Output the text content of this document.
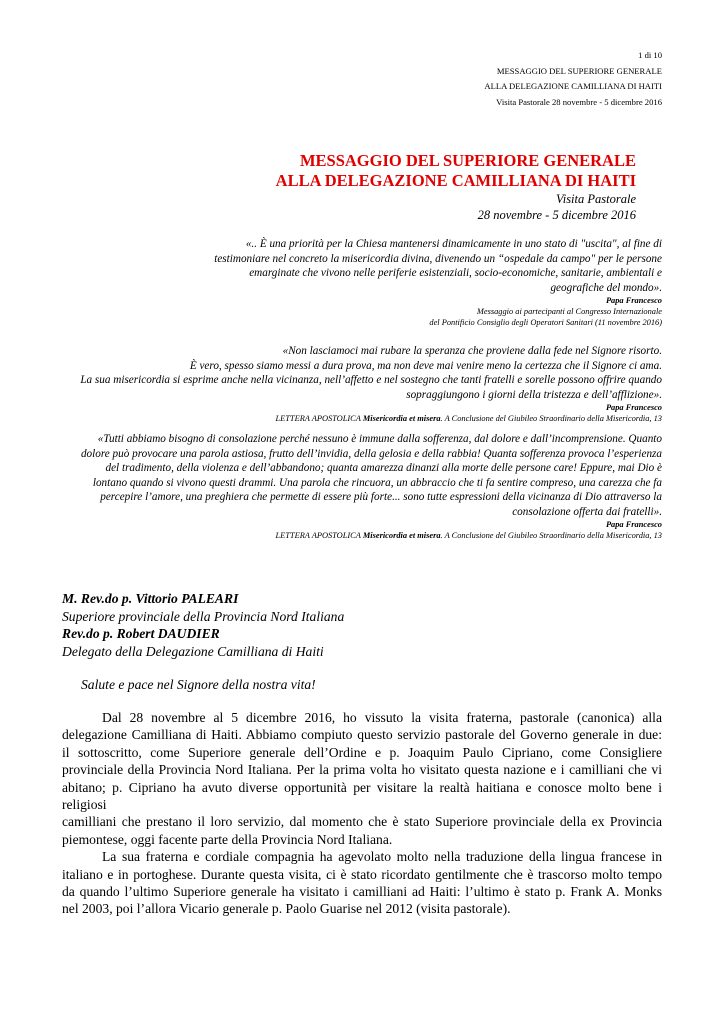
1 di 10
MESSAGGIO DEL SUPERIORE GENERALE
ALLA DELEGAZIONE CAMILLIANA DI HAITI
Visita Pastorale 28 novembre - 5 dicembre 2016
MESSAGGIO DEL SUPERIORE GENERALE
ALLA DELEGAZIONE CAMILLIANA DI HAITI
Visita Pastorale
28 novembre - 5 dicembre 2016
«.. È una priorità per la Chiesa mantenersi dinamicamente in uno stato di "uscita", al fine di
testimoniare nel concreto la misericordia divina, divenendo un “ospedale da campo" per le persone
emarginate che vivono nelle periferie esistenziali, socio-economiche, sanitarie, ambientali e
geografiche del mondo».
Papa Francesco
Messaggio ai partecipanti al Congresso Internazionale
del Pontificio Consiglio degli Operatori Sanitari (11 novembre 2016)
«Non lasciamoci mai rubare la speranza che proviene dalla fede nel Signore risorto.
È vero, spesso siamo messi a dura prova, ma non deve mai venire meno la certezza che il Signore ci ama.
La sua misericordia si esprime anche nella vicinanza, nell’affetto e nel sostegno che tanti fratelli e sorelle possono offrire quando
sopraggiungono i giorni della tristezza e dell’afflizione».
Papa Francesco
LETTERA APOSTOLICA Misericordia et misera. A Conclusione del Giubileo Straordinario della Misericordia, 13
«Tutti abbiamo bisogno di consolazione perché nessuno è immune dalla sofferenza, dal dolore e dall’incomprensione. Quanto
dolore può provocare una parola astiosa, frutto dell’invidia, della gelosia e della rabbia! Quanta sofferenza provoca l’esperienza
del tradimento, della violenza e dell’abbandono; quanta amarezza dinanzi alla morte delle persone care! Eppure, mai Dio è
lontano quando si vivono questi drammi. Una parola che rincuora, un abbraccio che ti fa sentire compreso, una carezza che fa
percepire l’amore, una preghiera che permette di essere più forte... sono tutte espressioni della vicinanza di Dio attraverso la
consolazione offerta dai fratelli».
Papa Francesco
LETTERA APOSTOLICA Misericordia et misera. A Conclusione del Giubileo Straordinario della Misericordia, 13
M. Rev.do p. Vittorio PALEARI
Superiore provinciale della Provincia Nord Italiana
Rev.do p. Robert DAUDIER
Delegato della Delegazione Camilliana di Haiti
Salute e pace nel Signore della nostra vita!
Dal 28 novembre al 5 dicembre 2016, ho vissuto la visita fraterna, pastorale (canonica) alla
delegazione Camilliana di Haiti. Abbiamo compiuto questo servizio pastorale del Governo generale in due:
il sottoscritto, come Superiore generale dell’Ordine e p. Joaquim Paulo Cipriano, come Consigliere
provinciale della Provincia Nord Italiana. Per la prima volta ho visitato questa nazione e i camilliani che vi
abitano; p. Cipriano ha avuto diverse opportunità per visitare la realtà haitiana e conosce molto bene i religiosi
camilliani che prestano il loro servizio, dal momento che è stato Superiore provinciale della ex Provincia
piemontese, oggi facente parte della Provincia Nord Italiana.
La sua fraterna e cordiale compagnia ha agevolato molto nella traduzione della lingua francese in
italiano e in portoghese. Durante questa visita, ci è stato ricordato gentilmente che è trascorso molto tempo
da quando l’ultimo Superiore generale ha visitato i camilliani ad Haiti: l’ultimo è stato p. Frank A. Monks
nel 2003, poi l’allora Vicario generale p. Paolo Guarise nel 2012 (visita pastorale).
